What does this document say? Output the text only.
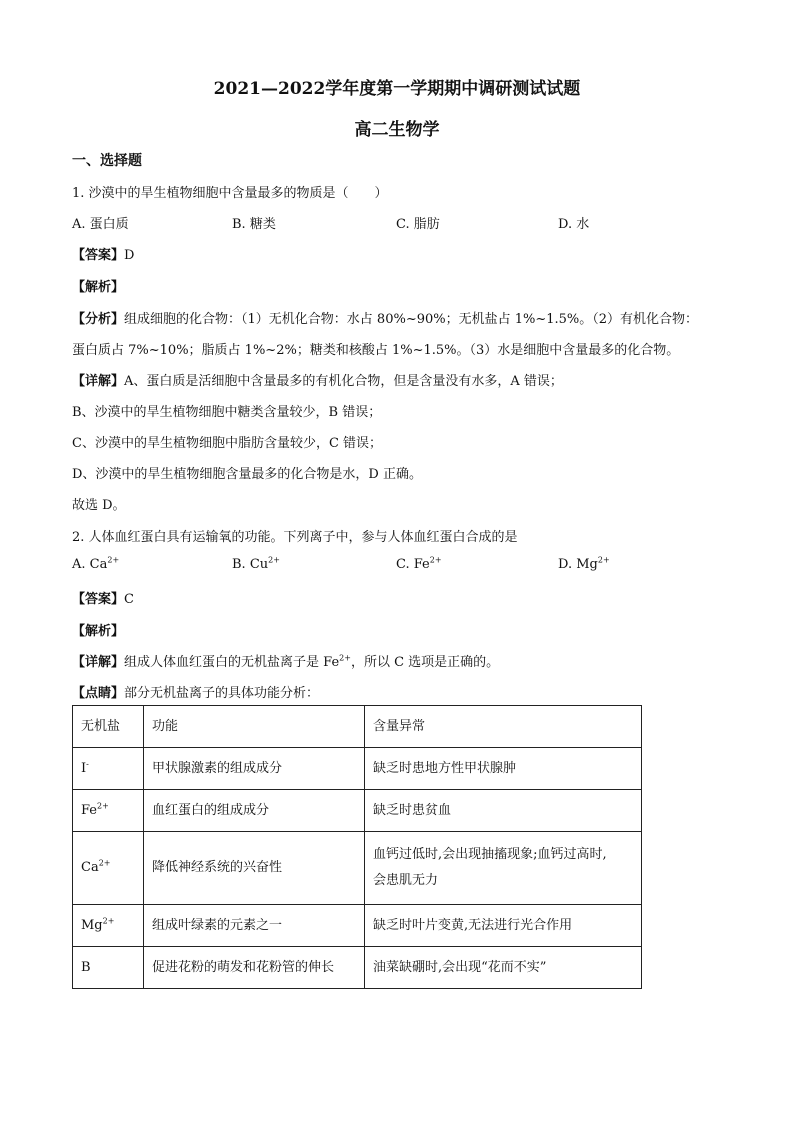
2021—2022学年度第一学期期中调研测试试题
高二生物学
一、选择题
1. 沙漠中的旱生植物细胞中含量最多的物质是（　　）
A. 蛋白质	B. 糖类	C. 脂肪	D. 水
【答案】D
【解析】
【分析】组成细胞的化合物：（1）无机化合物：水占 80%~90%；无机盐占 1%~1.5%。（2）有机化合物：
蛋白质占 7%~10%；脂质占 1%~2%；糖类和核酸占 1%~1.5%。（3）水是细胞中含量最多的化合物。
【详解】A、蛋白质是活细胞中含量最多的有机化合物，但是含量没有水多，A 错误；
B、沙漠中的旱生植物细胞中糖类含量较少，B 错误；
C、沙漠中的旱生植物细胞中脂肪含量较少，C 错误；
D、沙漠中的旱生植物细胞含量最多的化合物是水，D 正确。
故选 D。
2. 人体血红蛋白具有运输氧的功能。下列离子中，参与人体血红蛋白合成的是
A. $Ca^{2+}$	B. $Cu^{2+}$	C. $Fe^{2+}$	D. $Mg^{2+}$
【答案】C
【解析】
【详解】组成人体血红蛋白的无机盐离子是 $Fe^{2+}$，所以 C 选项是正确的。
【点睛】部分无机盐离子的具体功能分析：
无机盐	功能	含量异常
I-	甲状腺激素的组成成分	缺乏时患地方性甲状腺肿
$Fe^{2+}$	血红蛋白的组成成分	缺乏时患贫血
$Ca^{2+}$	降低神经系统的兴奋性	血钙过低时,会出现抽搐现象;血钙过高时,
会患肌无力

$Mg^{2+}$	组成叶绿素的元素之一	缺乏时叶片变黄,无法进行光合作用
B	促进花粉的萌发和花粉管的伸长	油菜缺硼时,会出现“花而不实”
